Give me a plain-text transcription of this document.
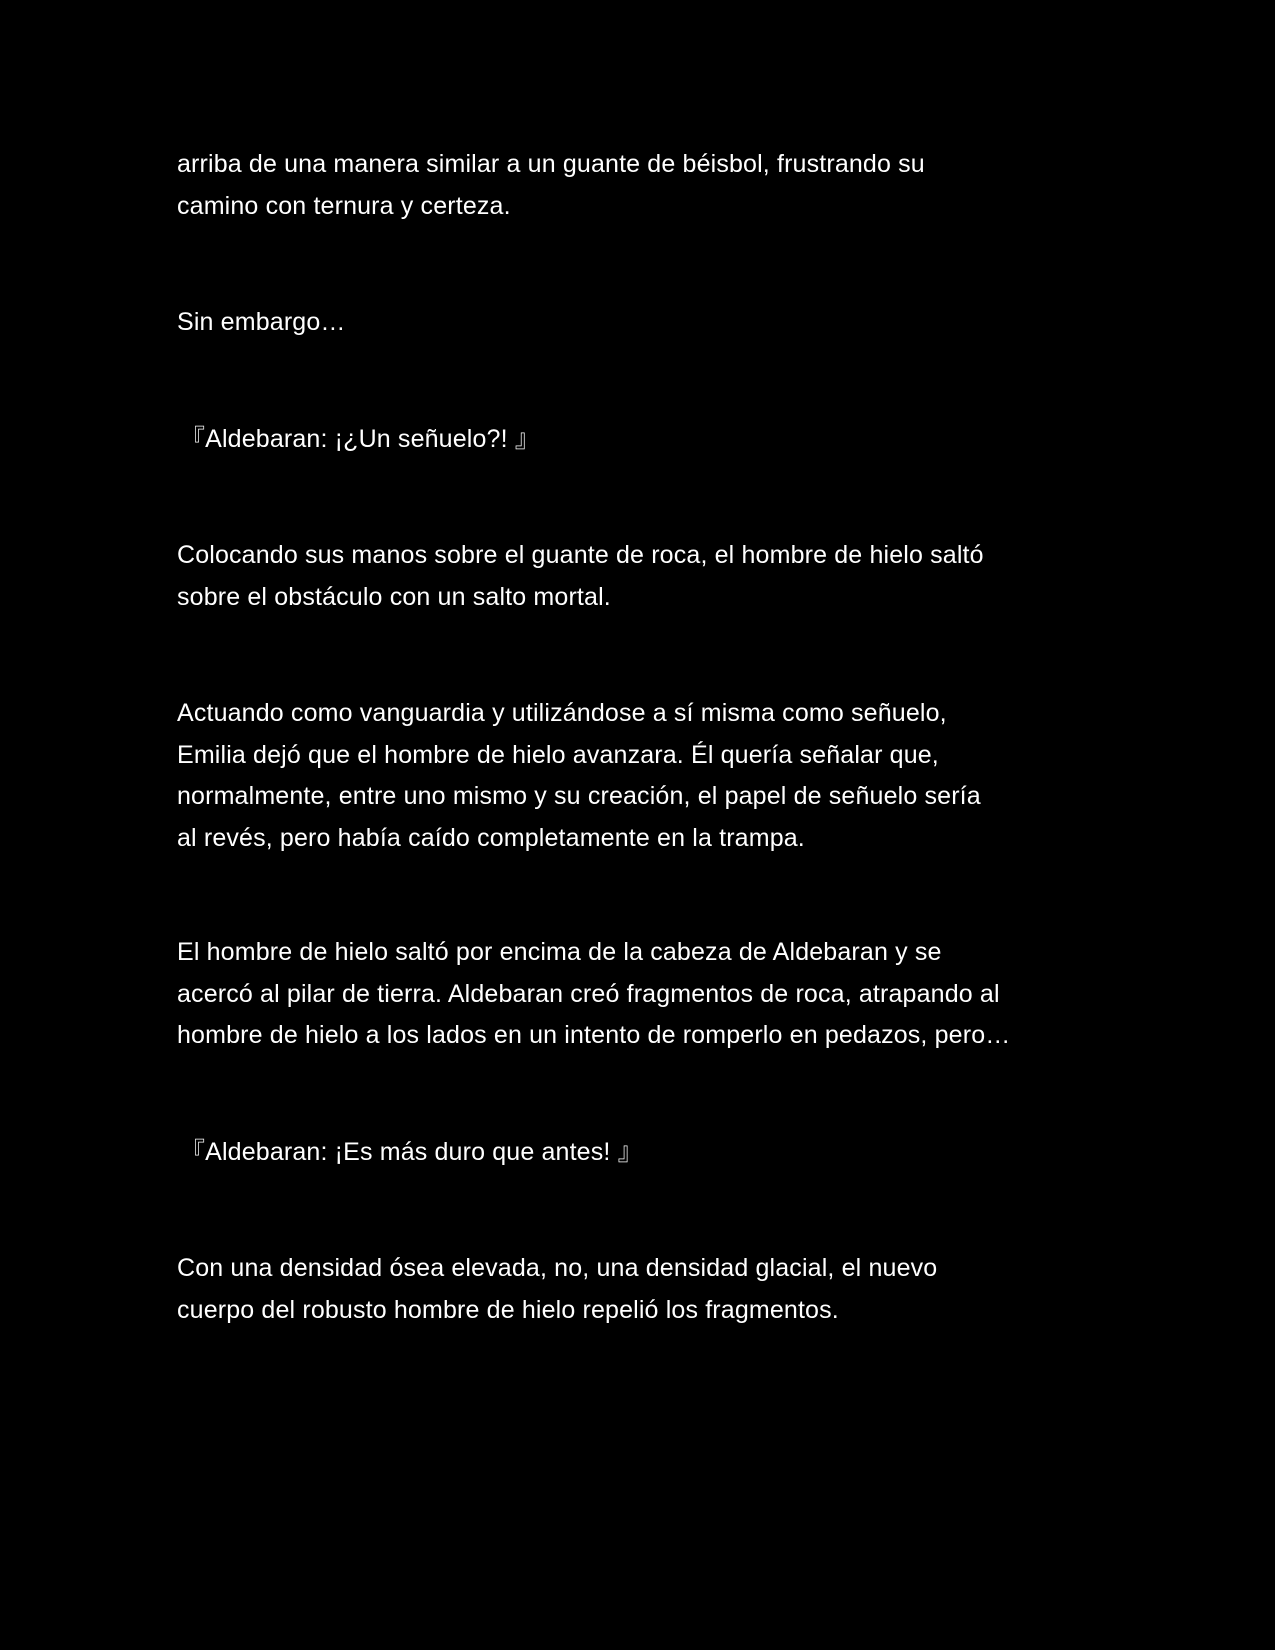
arriba de una manera similar a un guante de béisbol, frustrando su
camino con ternura y certeza.

Sin embargo…

『Aldebaran: ¡¿Un señuelo?! 』

Colocando sus manos sobre el guante de roca, el hombre de hielo saltó
sobre el obstáculo con un salto mortal.

Actuando como vanguardia y utilizándose a sí misma como señuelo,
Emilia dejó que el hombre de hielo avanzara. Él quería señalar que,
normalmente, entre uno mismo y su creación, el papel de señuelo sería
al revés, pero había caído completamente en la trampa.

El hombre de hielo saltó por encima de la cabeza de Aldebaran y se
acercó al pilar de tierra. Aldebaran creó fragmentos de roca, atrapando al
hombre de hielo a los lados en un intento de romperlo en pedazos, pero…

『Aldebaran: ¡Es más duro que antes! 』

Con una densidad ósea elevada, no, una densidad glacial, el nuevo
cuerpo del robusto hombre de hielo repelió los fragmentos.
